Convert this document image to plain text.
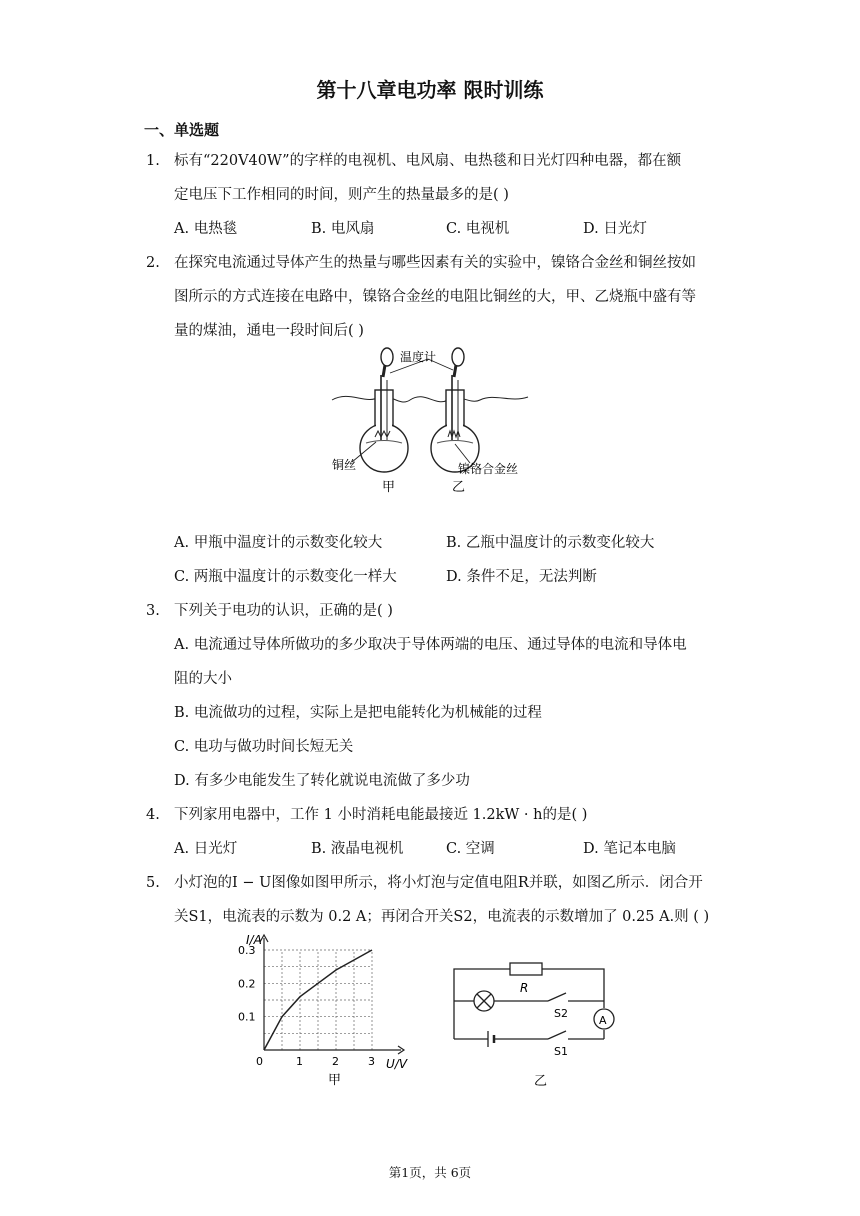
第十八章电功率 限时训练
一、单选题
1. 标有“220V40W”的字样的电视机、电风扇、电热毯和日光灯四种电器，都在额
定电压下工作相同的时间，则产生的热量最多的是( )
A. 电热毯	B. 电风扇	C. 电视机	D. 日光灯
2. 在探究电流通过导体产生的热量与哪些因素有关的实验中，镍铬合金丝和铜丝按如
图所示的方式连接在电路中，镍铬合金丝的电阻比铜丝的大，甲、乙烧瓶中盛有等
量的煤油，通电一段时间后( )
温度计
铜丝	镍铬合金丝
甲	乙
A. 甲瓶中温度计的示数变化较大	B. 乙瓶中温度计的示数变化较大
C. 两瓶中温度计的示数变化一样大	D. 条件不足，无法判断
3. 下列关于电功的认识，正确的是( )
A. 电流通过导体所做功的多少取决于导体两端的电压、通过导体的电流和导体电
阻的大小
B. 电流做功的过程，实际上是把电能转化为机械能的过程
C. 电功与做功时间长短无关
D. 有多少电能发生了转化就说电流做了多少功
4. 下列家用电器中，工作 1 小时消耗电能最接近 1.2kW · h的是( )
A. 日光灯	B. 液晶电视机	C. 空调	D. 笔记本电脑
5. 小灯泡的I − U图像如图甲所示，将小灯泡与定值电阻R并联，如图乙所示．闭合开
关S1，电流表的示数为 0.2 A；再闭合开关S2，电流表的示数增加了 0.25 A.则 ( )
1	2	3
0.3
0.2
0.1
I/A
U/V
0
甲
R
S2
S1
A
乙
第1页，共 6页
